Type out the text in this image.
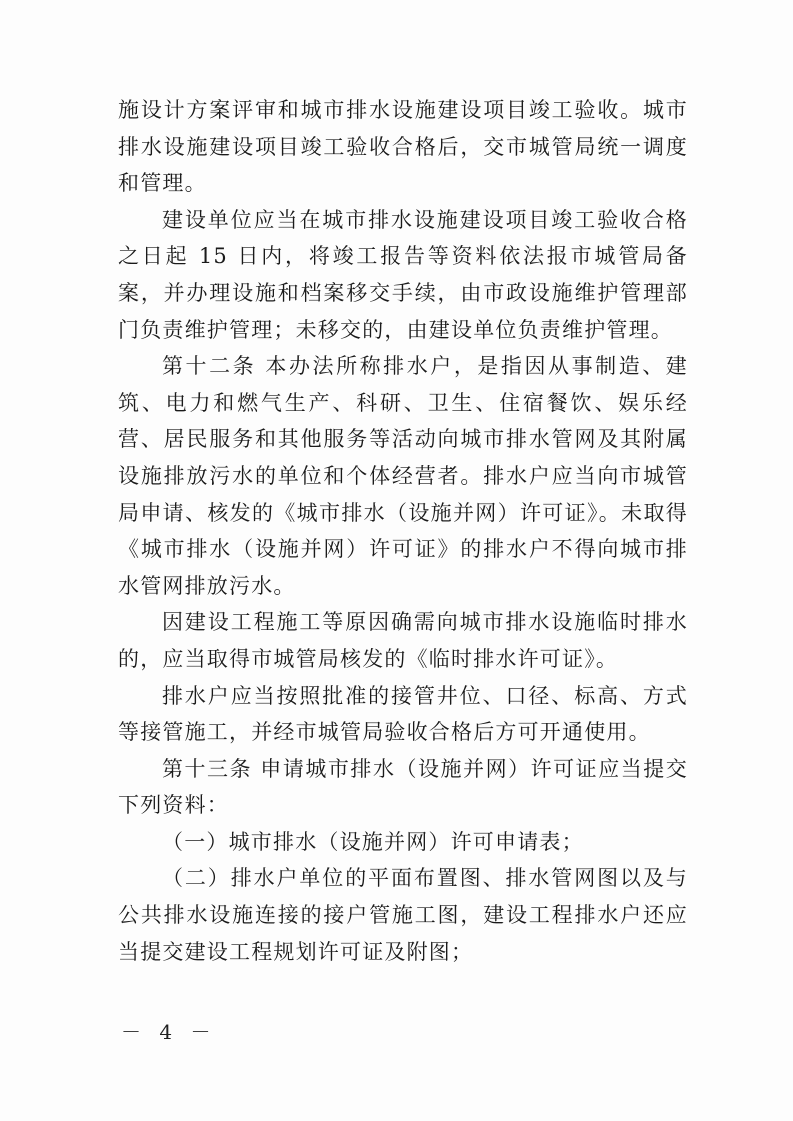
施设计方案评审和城市排水设施建设项目竣工验收。城市排水设施建设项目竣工验收合格后，交市城管局统一调度和管理。

建设单位应当在城市排水设施建设项目竣工验收合格之日起 15 日内，将竣工报告等资料依法报市城管局备案，并办理设施和档案移交手续，由市政设施维护管理部门负责维护管理；未移交的，由建设单位负责维护管理。

第十二条 本办法所称排水户，是指因从事制造、建筑、电力和燃气生产、科研、卫生、住宿餐饮、娱乐经营、居民服务和其他服务等活动向城市排水管网及其附属设施排放污水的单位和个体经营者。排水户应当向市城管局申请、核发的《城市排水（设施并网）许可证》。未取得《城市排水（设施并网）许可证》的排水户不得向城市排水管网排放污水。

因建设工程施工等原因确需向城市排水设施临时排水的，应当取得市城管局核发的《临时排水许可证》。

排水户应当按照批准的接管井位、口径、标高、方式等接管施工，并经市城管局验收合格后方可开通使用。

第十三条 申请城市排水（设施并网）许可证应当提交下列资料：

（一）城市排水（设施并网）许可申请表；

（二）排水户单位的平面布置图、排水管网图以及与公共排水设施连接的接户管施工图，建设工程排水户还应当提交建设工程规划许可证及附图；

－ 4 －
